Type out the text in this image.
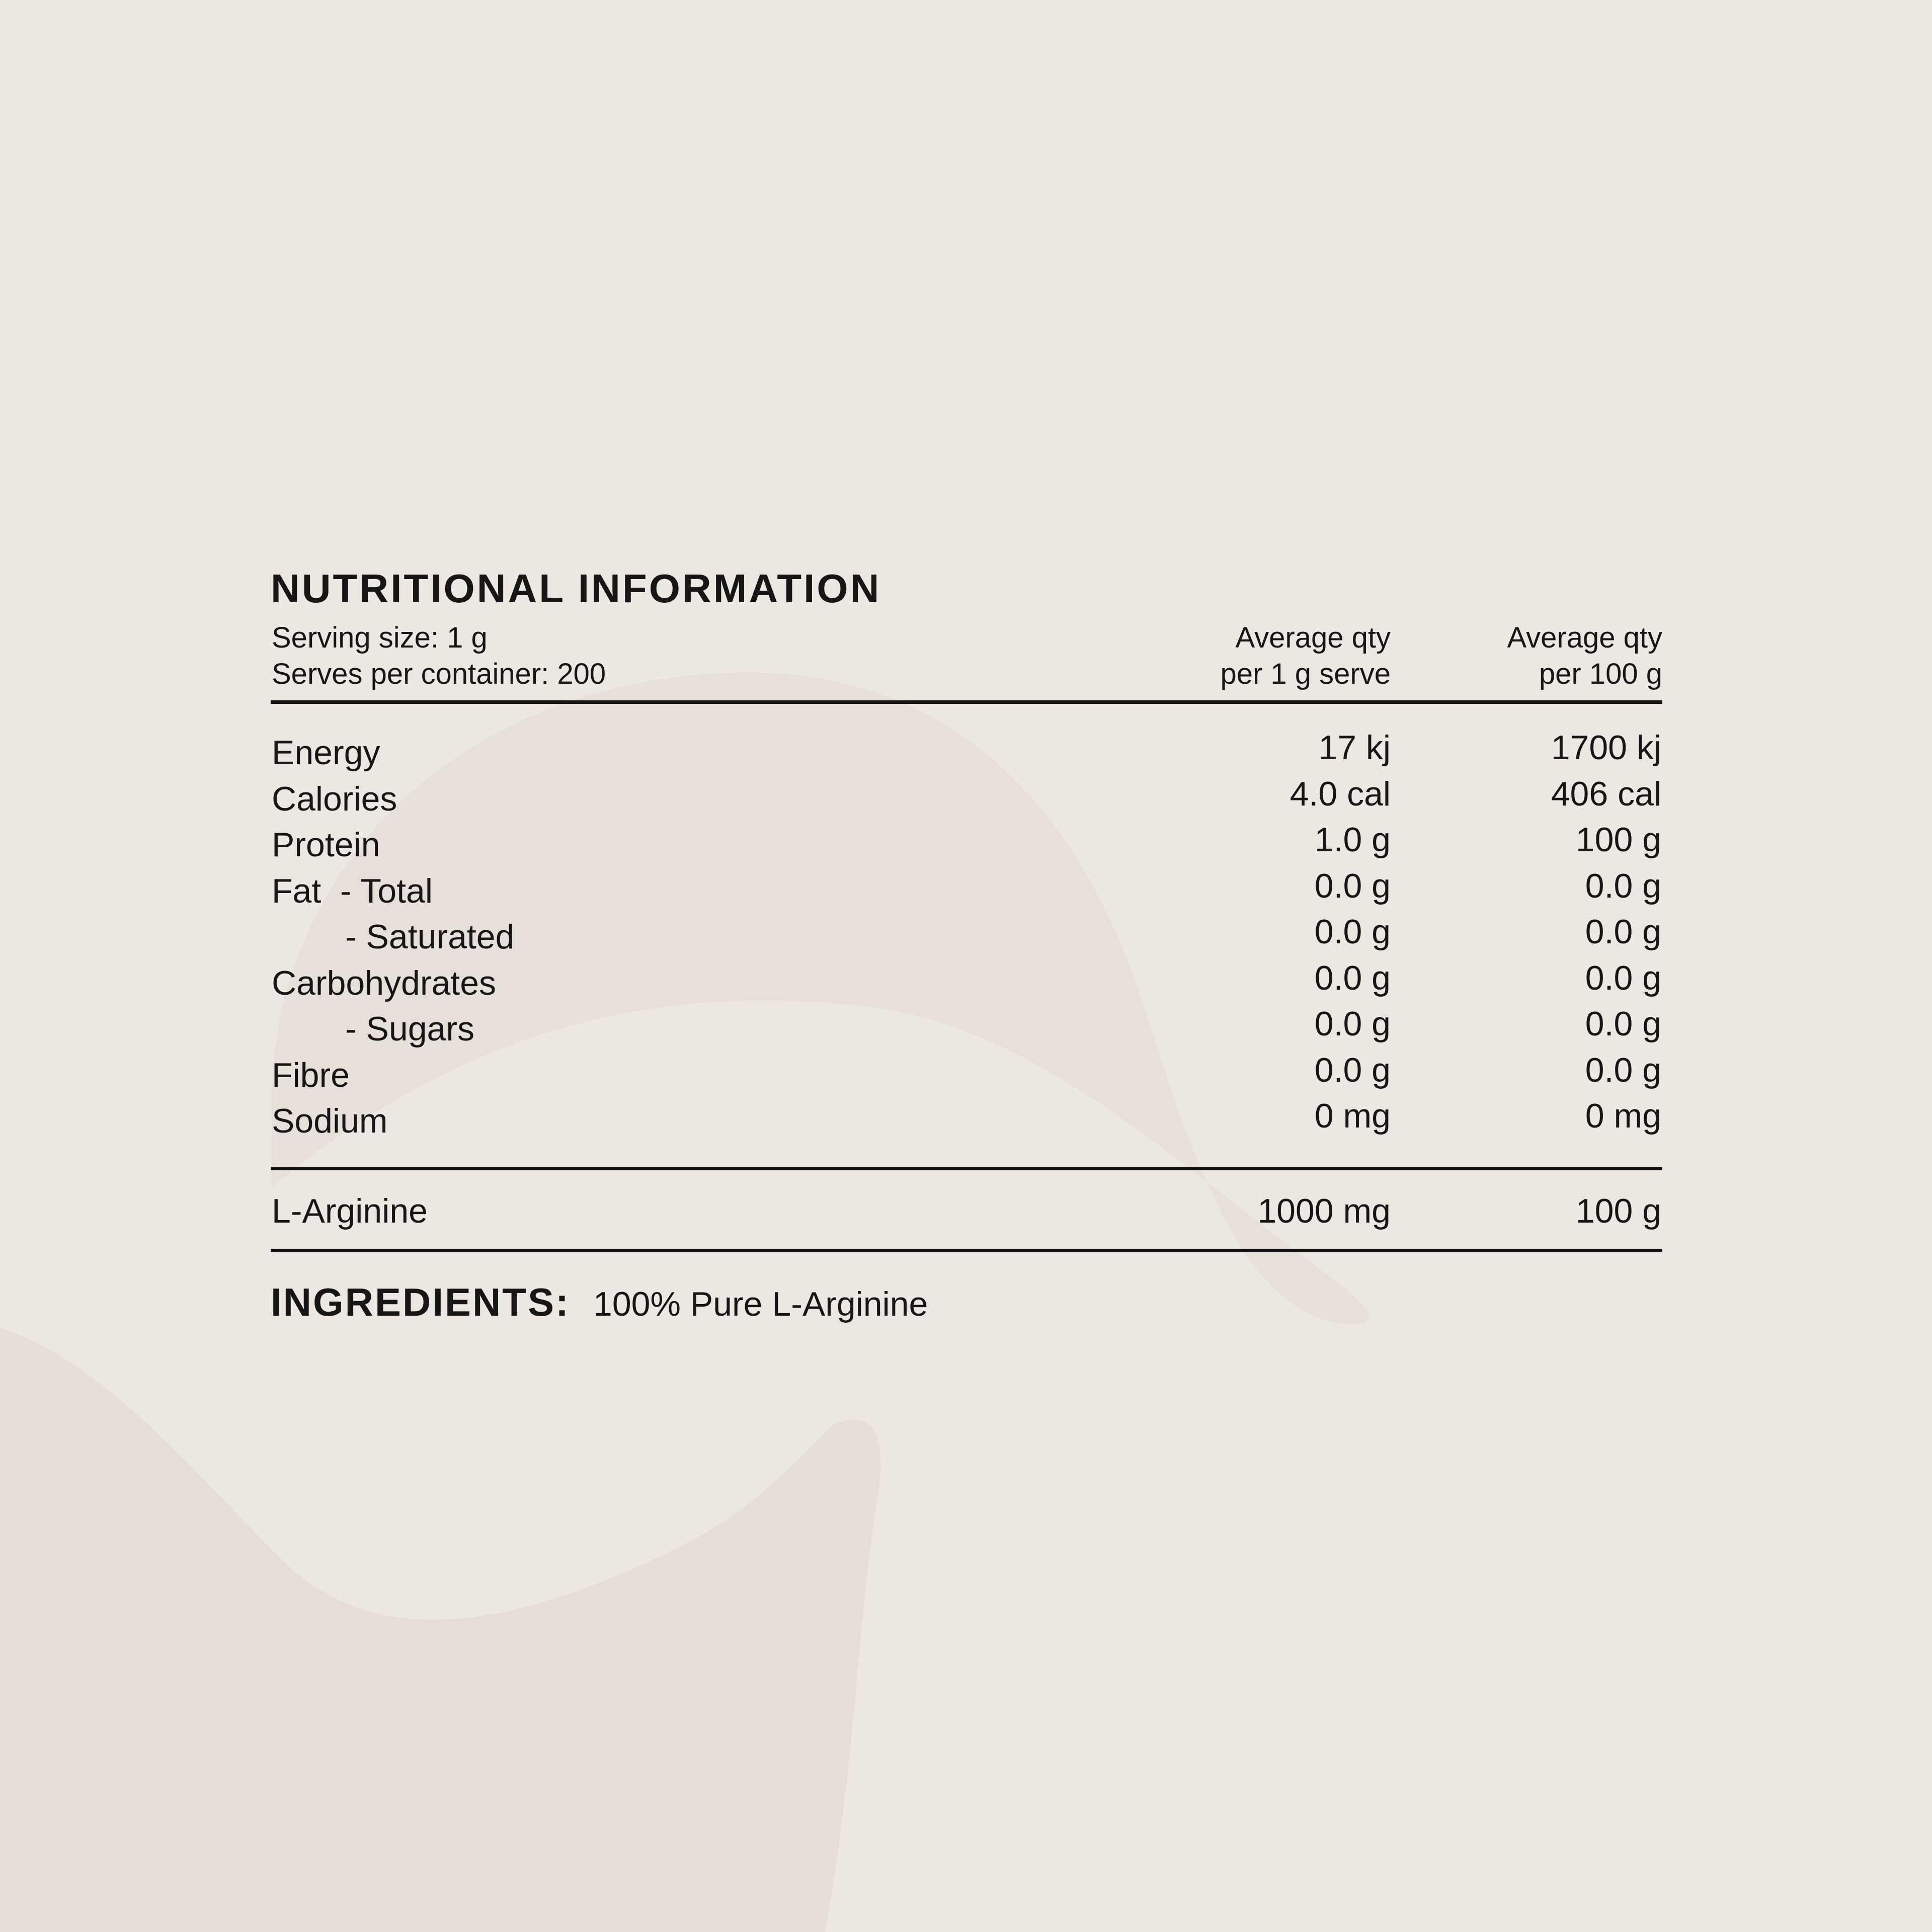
NUTRITIONAL INFORMATION
Serving size: 1 g
Serves per container: 200
Average qty
per 1 g serve
Average qty
per 100 g
Energy	17 kj	1700 kj
Calories	4.0 cal	406 cal
Protein	1.0 g	100 g
Fat  - Total	0.0 g	0.0 g
- Saturated	0.0 g	0.0 g
Carbohydrates	0.0 g	0.0 g
- Sugars	0.0 g	0.0 g
Fibre	0.0 g	0.0 g
Sodium	0 mg	0 mg
L-Arginine	1000 mg	100 g
INGREDIENTS: 100% Pure L-Arginine
